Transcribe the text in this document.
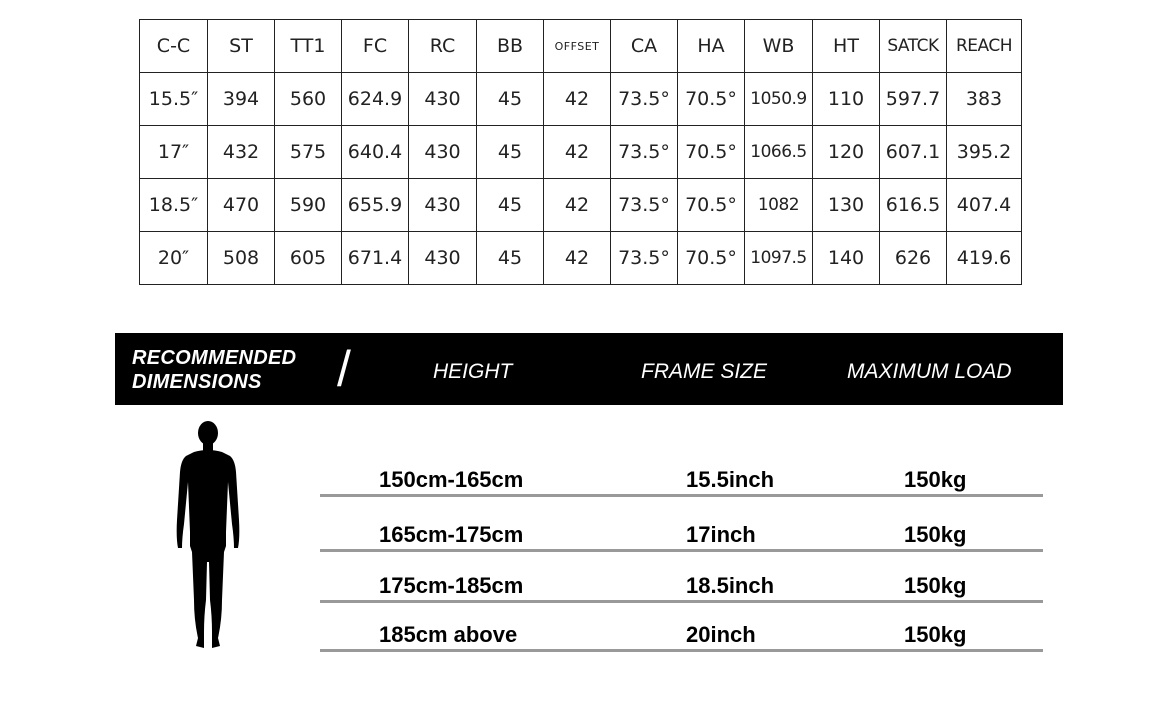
C-C	ST	TT1	FC	RC	BB	OFFSET	CA	HA	WB	HT	SATCK	REACH
15.5″	394	560	624.9	430	45	42	73.5°	70.5°	1050.9	110	597.7	383
17″	432	575	640.4	430	45	42	73.5°	70.5°	1066.5	120	607.1	395.2
18.5″	470	590	655.9	430	45	42	73.5°	70.5°	1082	130	616.5	407.4
20″	508	605	671.4	430	45	42	73.5°	70.5°	1097.5	140	626	419.6
RECOMMENDED
DIMENSIONS	/	HEIGHT	FRAME SIZE	MAXIMUM LOAD
150cm-165cm	15.5inch	150kg
165cm-175cm	17inch	150kg
175cm-185cm	18.5inch	150kg
185cm above	20inch	150kg
